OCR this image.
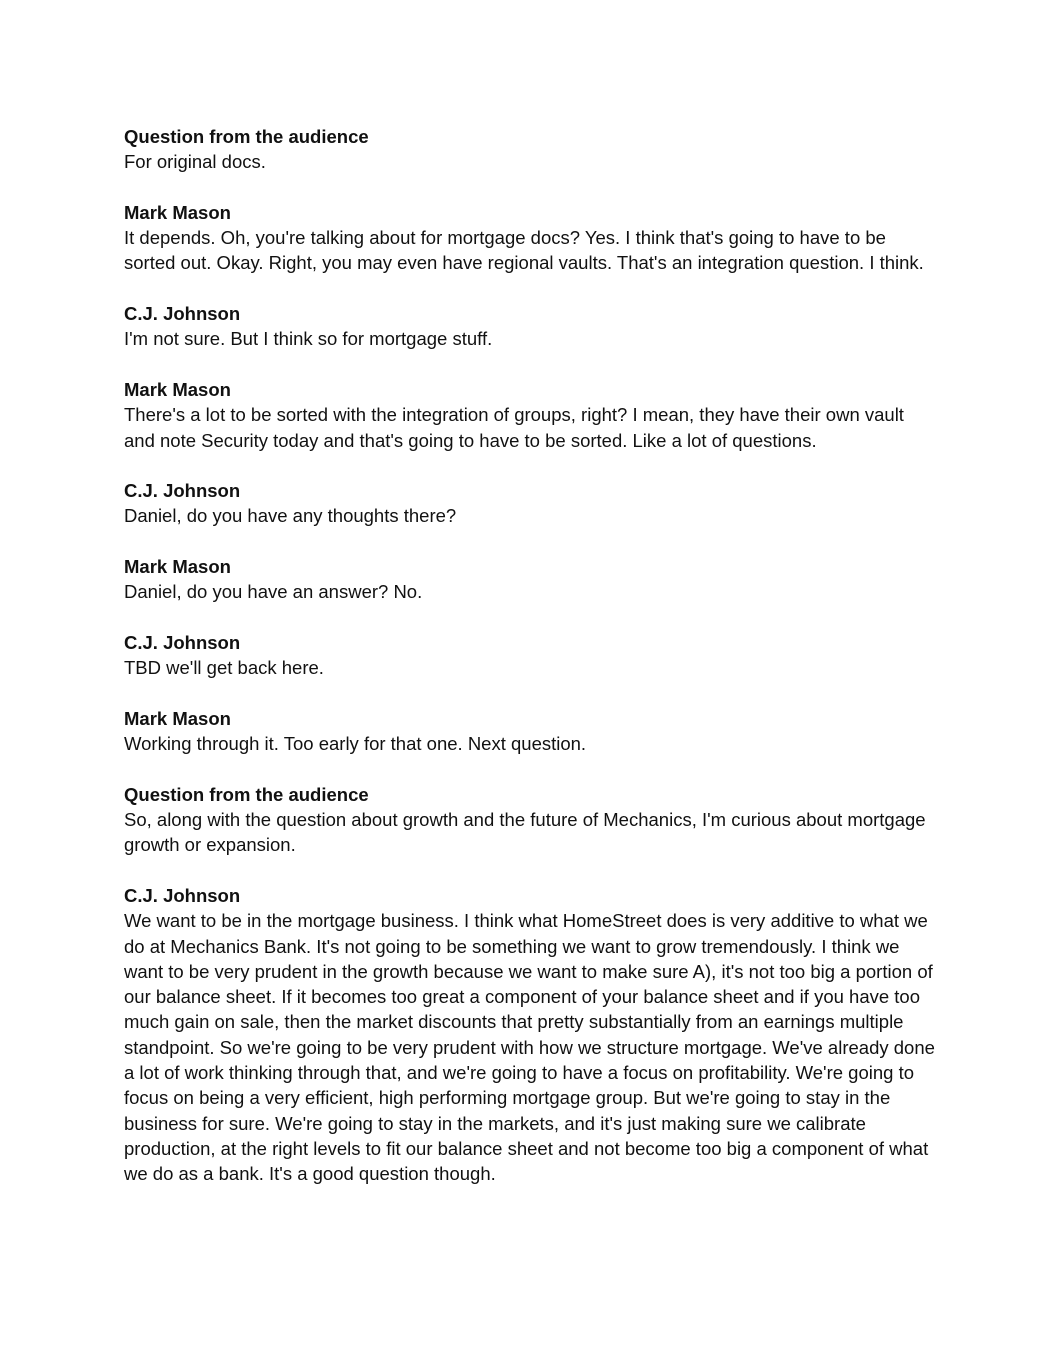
Question from the audience
For original docs.
Mark Mason
It depends. Oh, you're talking about for mortgage docs? Yes. I think that's going to have to be sorted out. Okay. Right, you may even have regional vaults. That's an integration question. I think.
C.J. Johnson
I'm not sure. But I think so for mortgage stuff.
Mark Mason
There's a lot to be sorted with the integration of groups, right? I mean, they have their own vault and note Security today and that's going to have to be sorted. Like a lot of questions.
C.J. Johnson
Daniel, do you have any thoughts there?
Mark Mason
Daniel, do you have an answer? No.
C.J. Johnson
TBD we'll get back here.
Mark Mason
Working through it. Too early for that one. Next question.
Question from the audience
So, along with the question about growth and the future of Mechanics, I'm curious about mortgage growth or expansion.
C.J. Johnson
We want to be in the mortgage business. I think what HomeStreet does is very additive to what we do at Mechanics Bank. It's not going to be something we want to grow tremendously. I think we want to be very prudent in the growth because we want to make sure A), it's not too big a portion of our balance sheet. If it becomes too great a component of your balance sheet and if you have too much gain on sale, then the market discounts that pretty substantially from an earnings multiple standpoint. So we're going to be very prudent with how we structure mortgage. We've already done a lot of work thinking through that, and we're going to have a focus on profitability. We're going to focus on being a very efficient, high performing mortgage group. But we're going to stay in the business for sure. We're going to stay in the markets, and it's just making sure we calibrate production, at the right levels to fit our balance sheet and not become too big a component of what we do as a bank. It's a good question though.
